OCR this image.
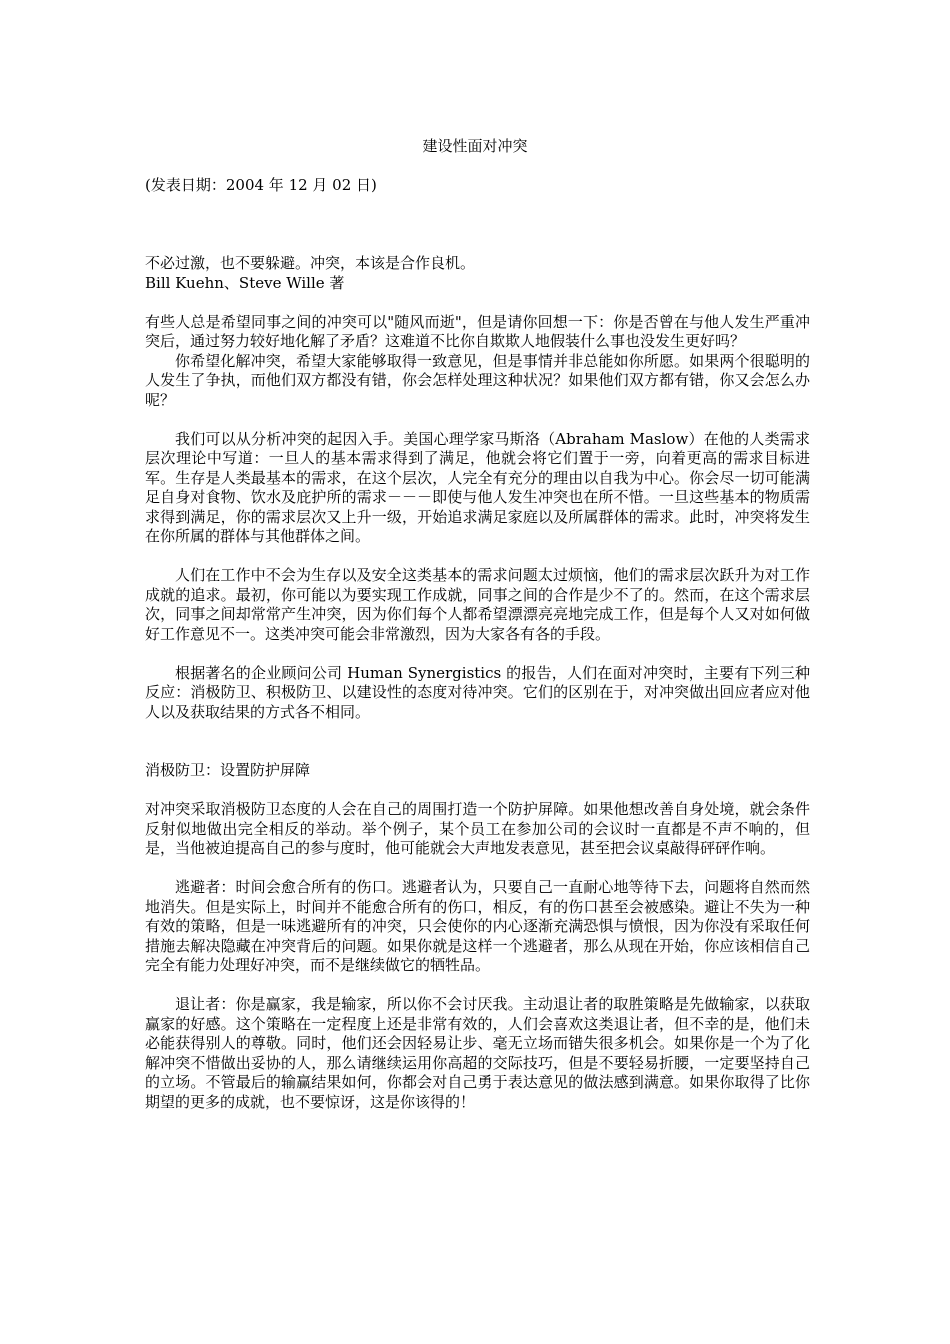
建设性面对冲突
(发表日期：2004 年 12 月 02 日)

不必过激，也不要躲避。冲突，本该是合作良机。

Bill Kuehn、Steve Wille 著

有些人总是希望同事之间的冲突可以"随风而逝"，但是请你回想一下：你是否曾在与他人发生严重冲突后，通过努力较好地化解了矛盾？这难道不比你自欺欺人地假装什么事也没发生更好吗？

你希望化解冲突，希望大家能够取得一致意见，但是事情并非总能如你所愿。如果两个很聪明的人发生了争执，而他们双方都没有错，你会怎样处理这种状况？如果他们双方都有错，你又会怎么办呢？

我们可以从分析冲突的起因入手。美国心理学家马斯洛（Abraham Maslow）在他的人类需求层次理论中写道：一旦人的基本需求得到了满足，他就会将它们置于一旁，向着更高的需求目标进军。生存是人类最基本的需求，在这个层次，人完全有充分的理由以自我为中心。你会尽一切可能满足自身对食物、饮水及庇护所的需求－－－即使与他人发生冲突也在所不惜。一旦这些基本的物质需求得到满足，你的需求层次又上升一级，开始追求满足家庭以及所属群体的需求。此时，冲突将发生在你所属的群体与其他群体之间。

人们在工作中不会为生存以及安全这类基本的需求问题太过烦恼，他们的需求层次跃升为对工作成就的追求。最初，你可能以为要实现工作成就，同事之间的合作是少不了的。然而，在这个需求层次，同事之间却常常产生冲突，因为你们每个人都希望漂漂亮亮地完成工作，但是每个人又对如何做好工作意见不一。这类冲突可能会非常激烈，因为大家各有各的手段。

根据著名的企业顾问公司 Human Synergistics 的报告，人们在面对冲突时，主要有下列三种反应：消极防卫、积极防卫、以建设性的态度对待冲突。它们的区别在于，对冲突做出回应者应对他人以及获取结果的方式各不相同。

消极防卫：设置防护屏障

对冲突采取消极防卫态度的人会在自己的周围打造一个防护屏障。如果他想改善自身处境，就会条件反射似地做出完全相反的举动。举个例子，某个员工在参加公司的会议时一直都是不声不响的，但是，当他被迫提高自己的参与度时，他可能就会大声地发表意见，甚至把会议桌敲得砰砰作响。

逃避者：时间会愈合所有的伤口。逃避者认为，只要自己一直耐心地等待下去，问题将自然而然地消失。但是实际上，时间并不能愈合所有的伤口，相反，有的伤口甚至会被感染。避让不失为一种有效的策略，但是一味逃避所有的冲突，只会使你的内心逐渐充满恐惧与愤恨，因为你没有采取任何措施去解决隐藏在冲突背后的问题。如果你就是这样一个逃避者，那么从现在开始，你应该相信自己完全有能力处理好冲突，而不是继续做它的牺牲品。

退让者：你是赢家，我是输家，所以你不会讨厌我。主动退让者的取胜策略是先做输家，以获取赢家的好感。这个策略在一定程度上还是非常有效的，人们会喜欢这类退让者，但不幸的是，他们未必能获得别人的尊敬。同时，他们还会因轻易让步、毫无立场而错失很多机会。如果你是一个为了化解冲突不惜做出妥协的人，那么请继续运用你高超的交际技巧，但是不要轻易折腰，一定要坚持自己的立场。不管最后的输赢结果如何，你都会对自己勇于表达意见的做法感到满意。如果你取得了比你期望的更多的成就，也不要惊讶，这是你该得的！
